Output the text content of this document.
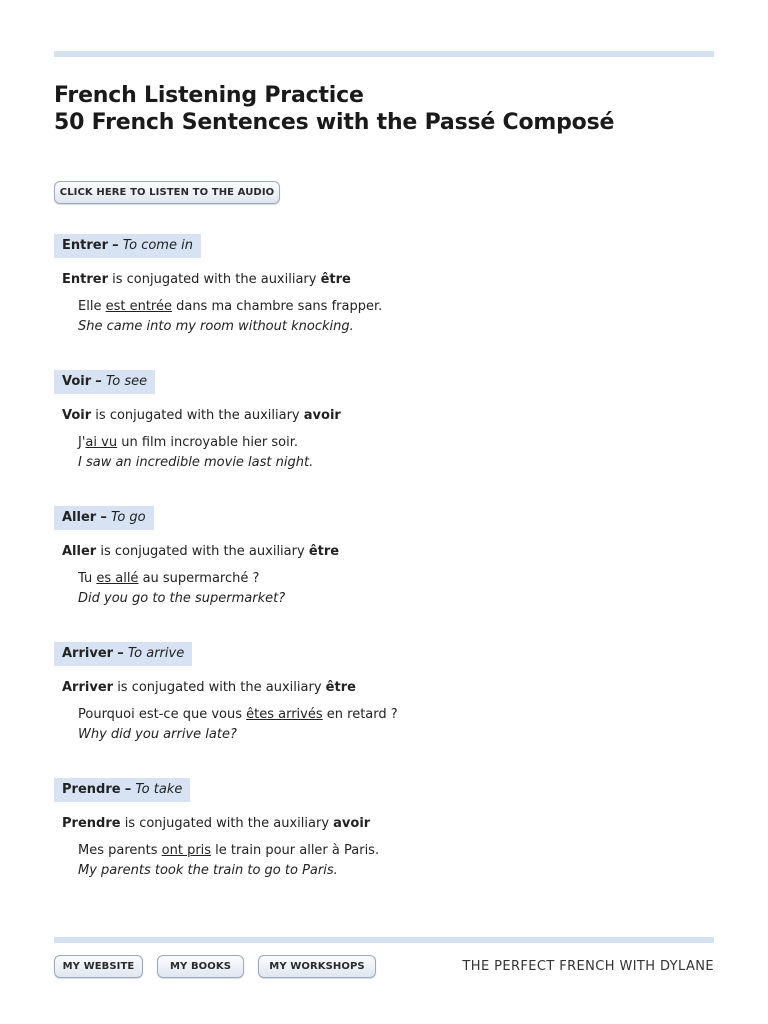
French Listening Practice
50 French Sentences with the Passé Composé
CLICK HERE TO LISTEN TO THE AUDIO
Entrer – To come in
Entrer is conjugated with the auxiliary être
Elle est entrée dans ma chambre sans frapper.
She came into my room without knocking.
Voir – To see
Voir is conjugated with the auxiliary avoir
J'ai vu un film incroyable hier soir.
I saw an incredible movie last night.
Aller – To go
Aller is conjugated with the auxiliary être
Tu es allé au supermarché ?
Did you go to the supermarket?
Arriver – To arrive
Arriver is conjugated with the auxiliary être
Pourquoi est-ce que vous êtes arrivés en retard ?
Why did you arrive late?
Prendre – To take
Prendre is conjugated with the auxiliary avoir
Mes parents ont pris le train pour aller à Paris.
My parents took the train to go to Paris.
MY WEBSITE	MY BOOKS	MY WORKSHOPS	THE PERFECT FRENCH WITH DYLANE
